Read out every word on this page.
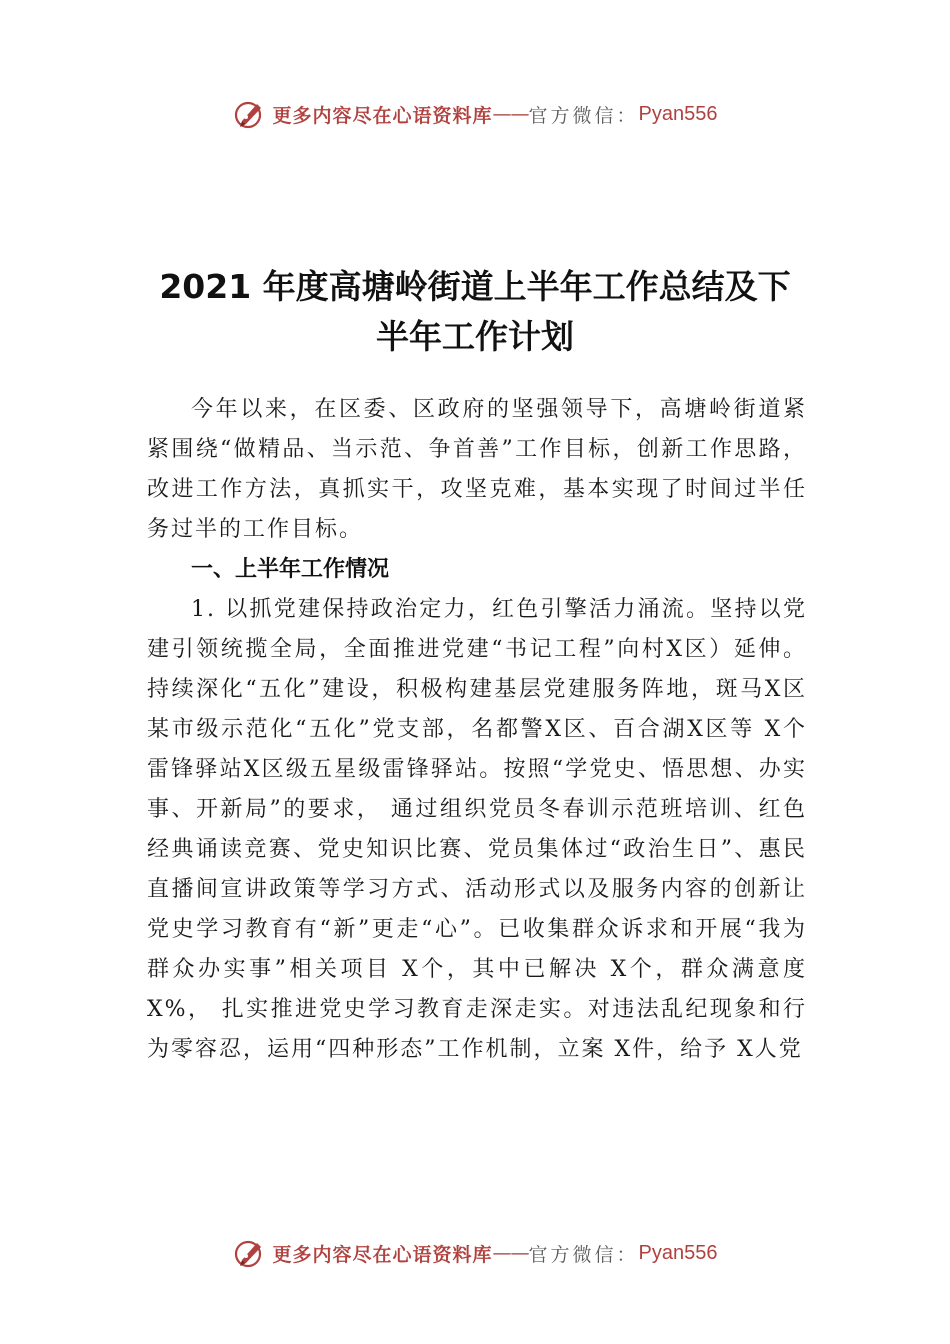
更多内容尽在心语资料库 —— 官方微信： Pyan556
2021 年度高塘岭街道上半年工作总结及下
半年工作计划

今年以来，在区委、区政府的坚强领导下，高塘岭街道紧紧围绕“做精品、当示范、争首善”工作目标，创新工作思路，改进工作方法，真抓实干，攻坚克难，基本实现了时间过半任务过半的工作目标。

一、上半年工作情况

1. 以抓党建保持政治定力，红色引擎活力涌流。坚持以党建引领统揽全局，全面推进党建“书记工程”向村X区）延伸。持续深化“五化”建设，积极构建基层党建服务阵地，斑马X区某市级示范化“五化”党支部，名都警X区、百合湖X区等 X个雷锋驿站X区级五星级雷锋驿站。按照“学党史、悟思想、办实事、开新局”的要求， 通过组织党员冬春训示范班培训、红色经典诵读竞赛、党史知识比赛、党员集体过“政治生日”、惠民直播间宣讲政策等学习方式、活动形式以及服务内容的创新让党史学习教育有“新”更走“心”。已收集群众诉求和开展“我为群众办实事”相关项目 X个，其中已解决 X个，群众满意度 X%， 扎实推进党史学习教育走深走实。对违法乱纪现象和行为零容忍，运用“四种形态”工作机制，立案 X件，给予 X人党

更多内容尽在心语资料库 —— 官方微信： Pyan556
